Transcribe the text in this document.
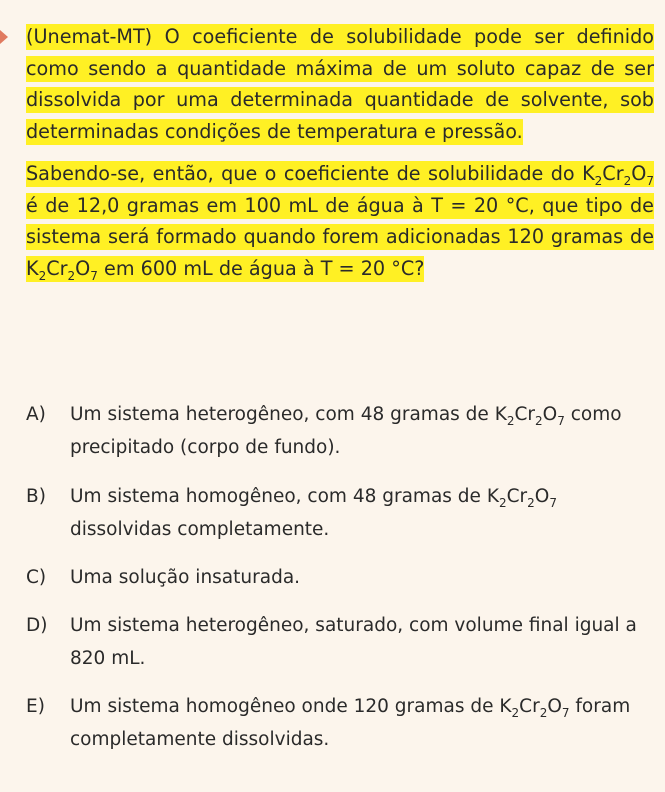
(Unemat-MT) O coeficiente de solubilidade pode ser definido como sendo a quantidade máxima de um soluto capaz de ser dissolvida por uma determinada quantidade de solvente, sob determinadas condições de temperatura e pressão.

Sabendo-se, então, que o coeficiente de solubilidade do $K_2Cr_2O_7$ é de 12,0 gramas em 100 mL de água à T = 20 °C, que tipo de sistema será formado quando forem adicionadas 120 gramas de $K_2Cr_2O_7$ em 600 mL de água à T = 20 °C?

A)	Um sistema heterogêneo, com 48 gramas de $K_2Cr_2O_7$ como precipitado (corpo de fundo).
B)	Um sistema homogêneo, com 48 gramas de $K_2Cr_2O_7$ dissolvidas completamente.
C)	Uma solução insaturada.
D)	Um sistema heterogêneo, saturado, com volume final igual a 820 mL.
E)	Um sistema homogêneo onde 120 gramas de $K_2Cr_2O_7$ foram completamente dissolvidas.
